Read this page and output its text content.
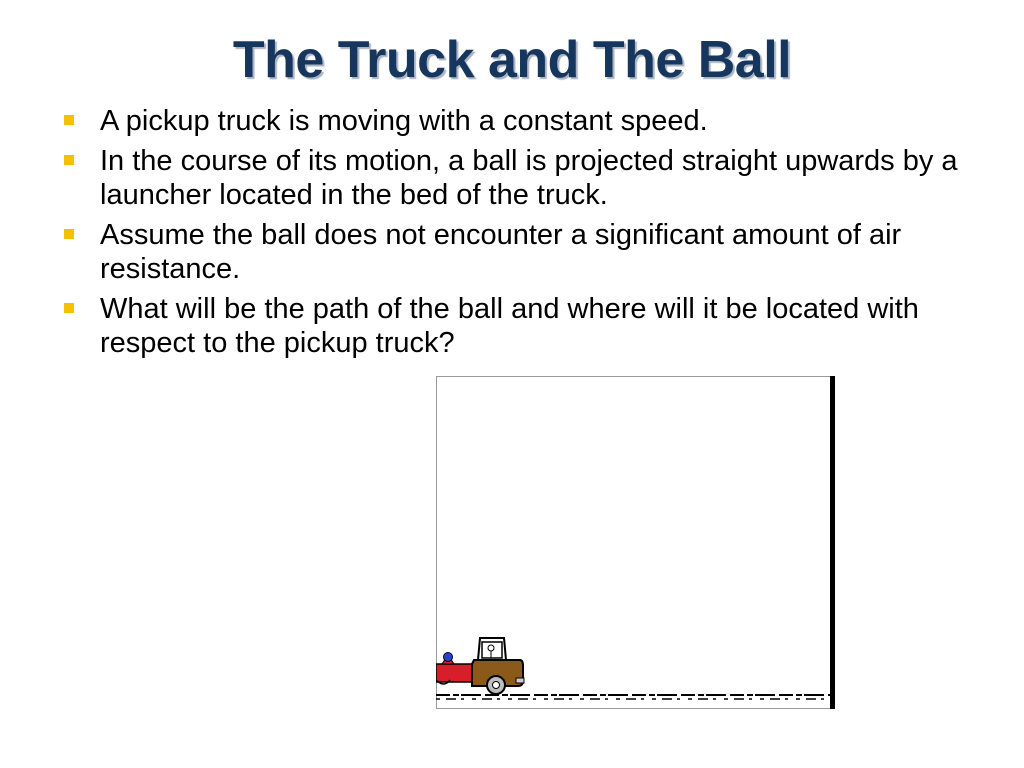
The Truck and The Ball
A pickup truck is moving with a constant speed.
In the course of its motion, a ball is projected straight upwards by a launcher located in the bed of the truck.
Assume the ball does not encounter a significant amount of air resistance.
What will be the path of the ball and where will it be located with respect to the pickup truck?
